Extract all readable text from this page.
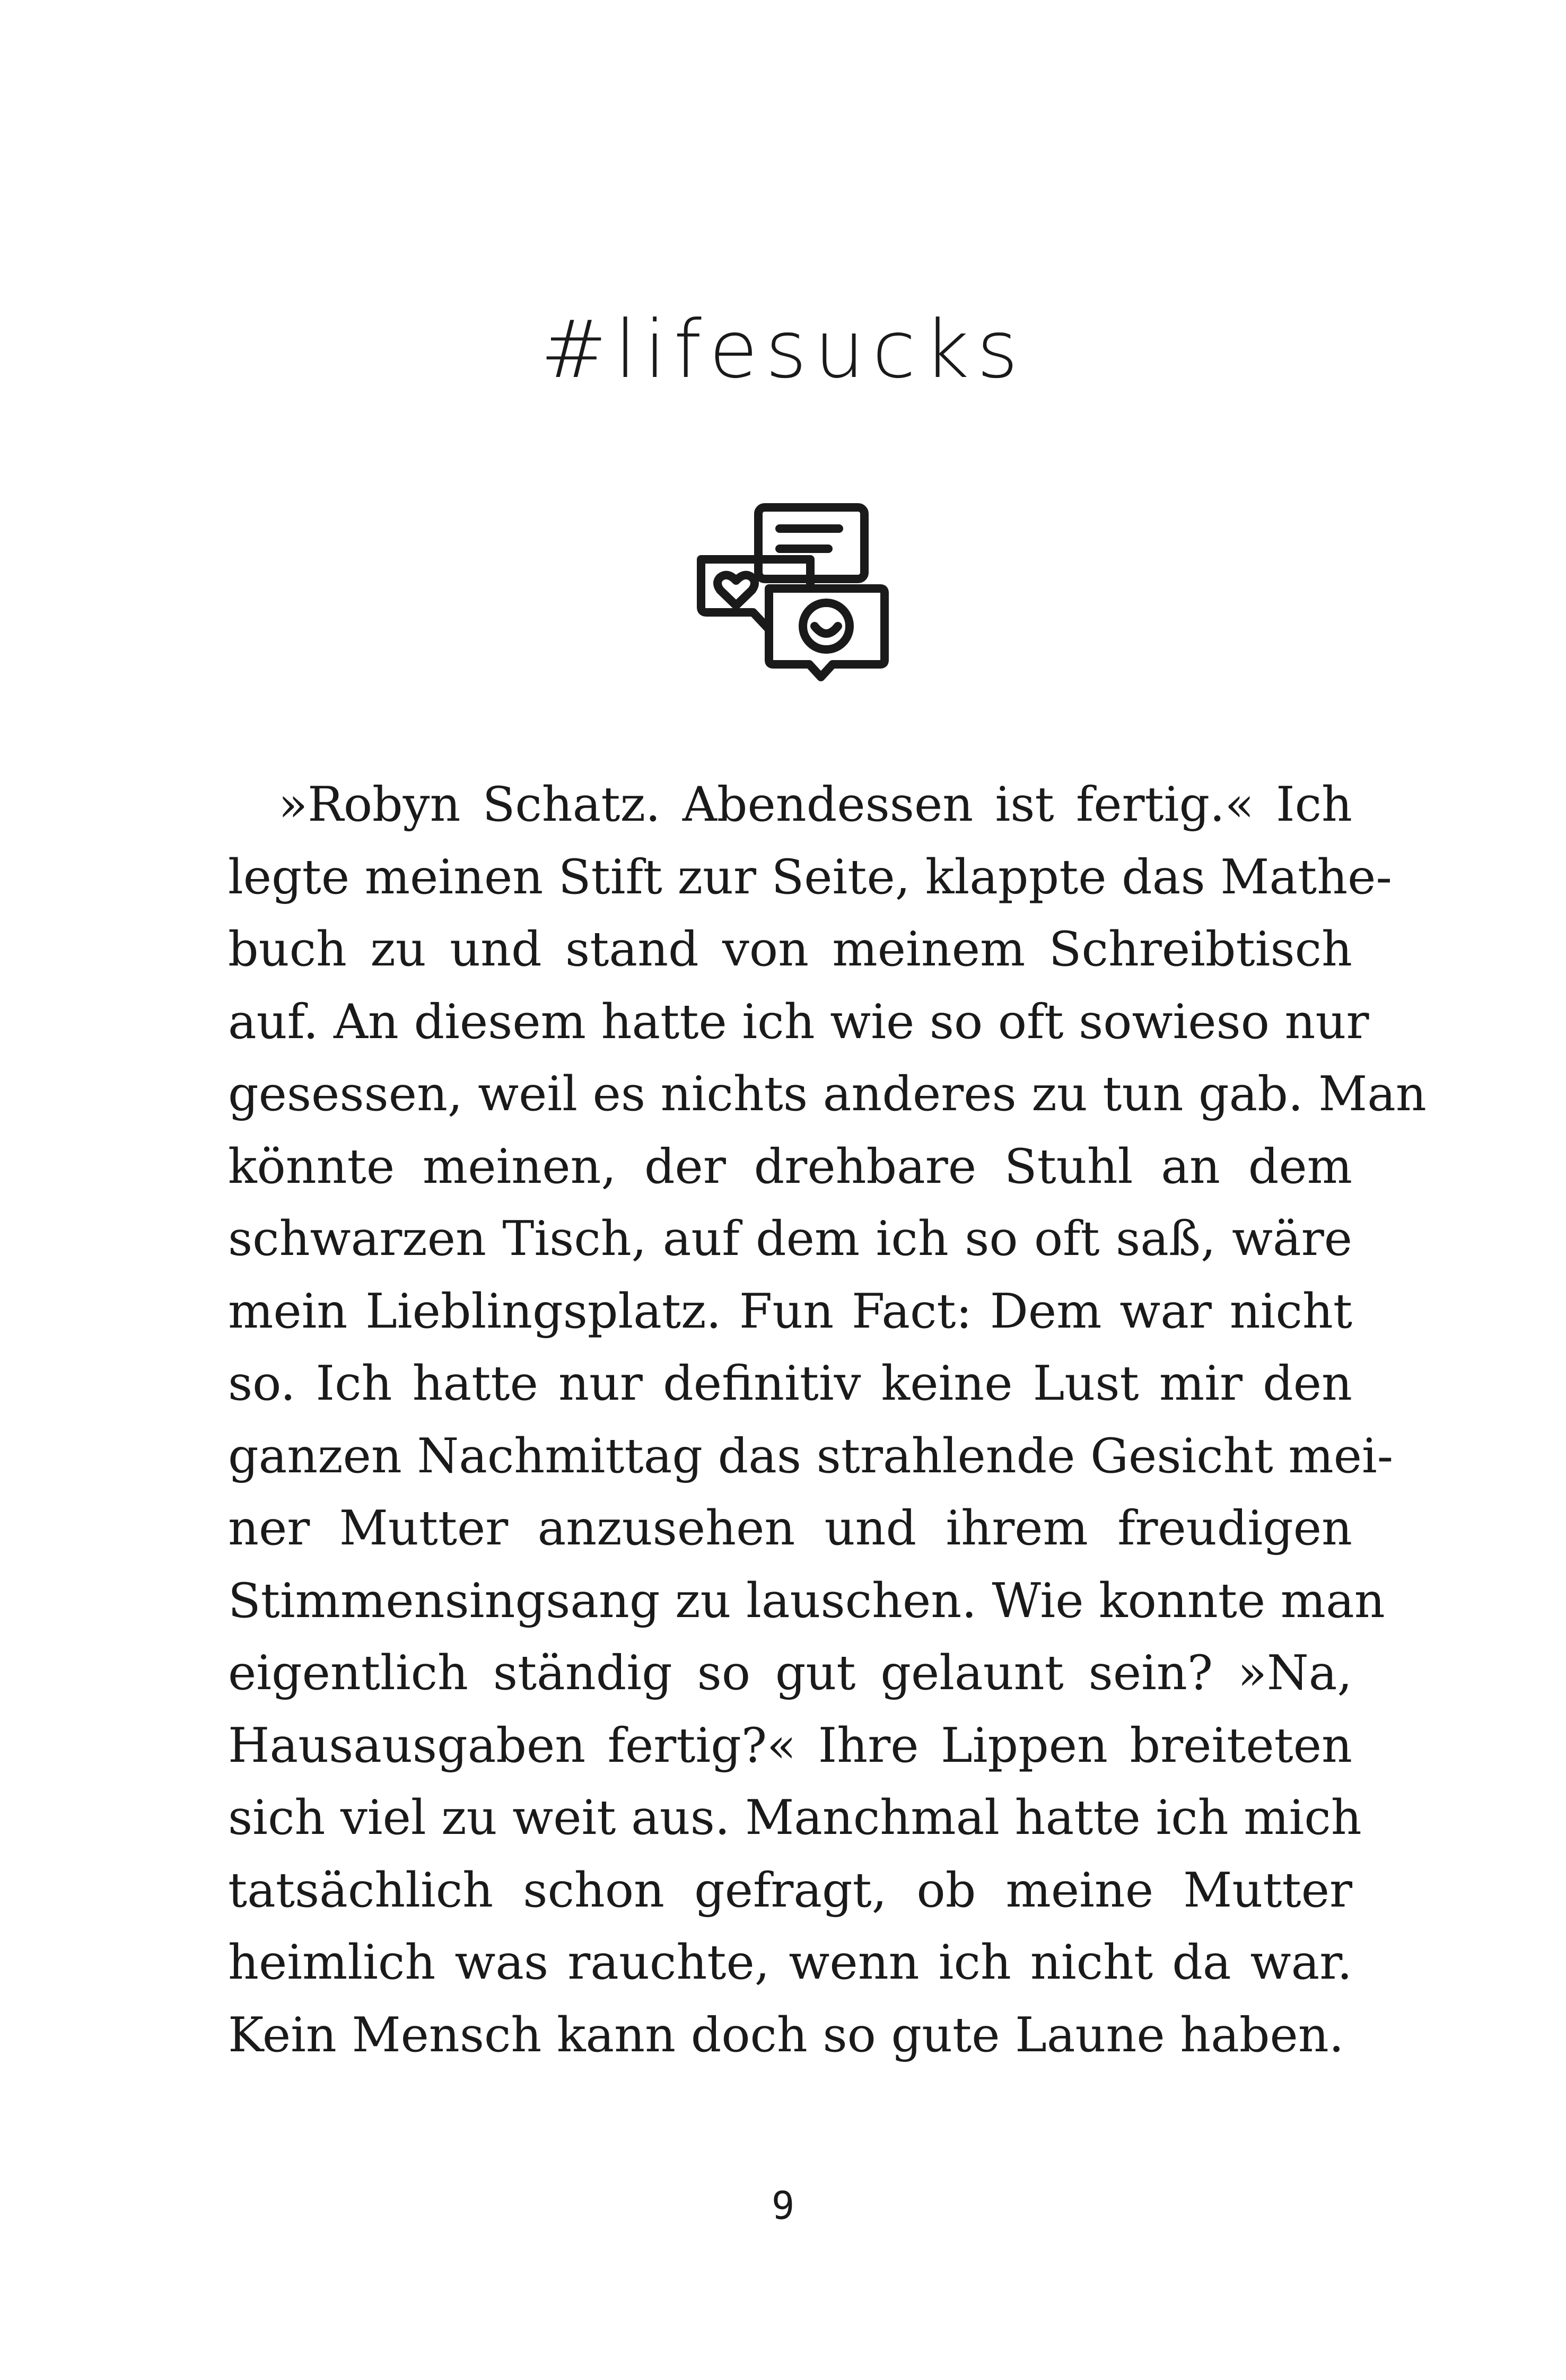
#lifesucks
»Robyn Schatz. Abendessen ist fertig.« Ich
legte meinen Stift zur Seite, klappte das Mathe-
buch zu und stand von meinem Schreibtisch
auf. An diesem hatte ich wie so oft sowieso nur
gesessen, weil es nichts anderes zu tun gab. Man
könnte meinen, der drehbare Stuhl an dem
schwarzen Tisch, auf dem ich so oft saß, wäre
mein Lieblingsplatz. Fun Fact: Dem war nicht
so. Ich hatte nur definitiv keine Lust mir den
ganzen Nachmittag das strahlende Gesicht mei-
ner Mutter anzusehen und ihrem freudigen
Stimmensingsang zu lauschen. Wie konnte man
eigentlich ständig so gut gelaunt sein? »Na,
Hausausgaben fertig?« Ihre Lippen breiteten
sich viel zu weit aus. Manchmal hatte ich mich
tatsächlich schon gefragt, ob meine Mutter
heimlich was rauchte, wenn ich nicht da war.
Kein Mensch kann doch so gute Laune haben.
9
